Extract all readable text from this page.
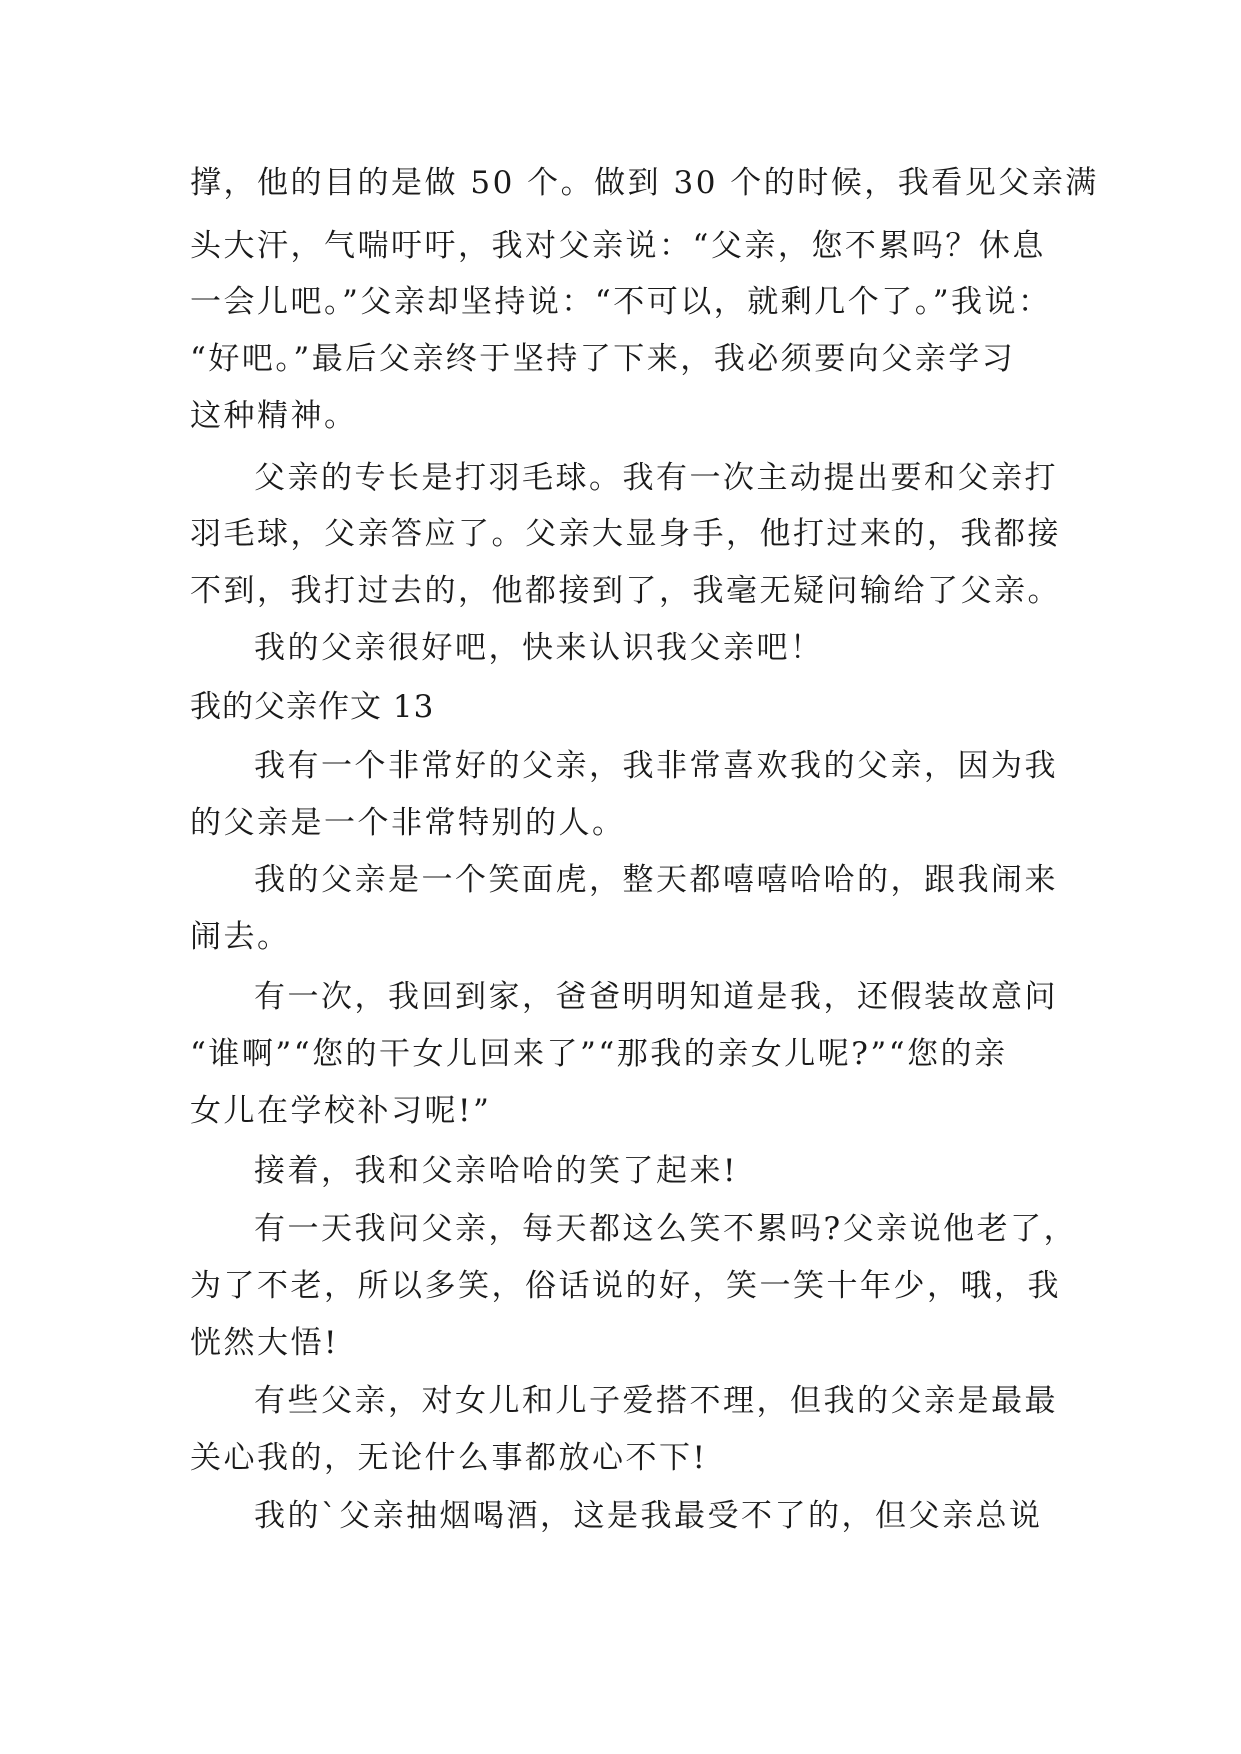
撑，他的目的是做 50 个。做到 30 个的时候，我看见父亲满
头大汗，气喘吁吁，我对父亲说：“父亲，您不累吗？休息
一会儿吧。”父亲却坚持说：“不可以，就剩几个了。”我说：
“好吧。”最后父亲终于坚持了下来，我必须要向父亲学习
这种精神。
父亲的专长是打羽毛球。我有一次主动提出要和父亲打
羽毛球，父亲答应了。父亲大显身手，他打过来的，我都接
不到，我打过去的，他都接到了，我毫无疑问输给了父亲。
我的父亲很好吧，快来认识我父亲吧！
我的父亲作文 13
我有一个非常好的父亲，我非常喜欢我的父亲，因为我
的父亲是一个非常特别的人。
我的父亲是一个笑面虎，整天都嘻嘻哈哈的，跟我闹来
闹去。
有一次，我回到家，爸爸明明知道是我，还假装故意问
“谁啊”“您的干女儿回来了”“那我的亲女儿呢?”“您的亲
女儿在学校补习呢!”
接着，我和父亲哈哈的笑了起来!
有一天我问父亲，每天都这么笑不累吗?父亲说他老了，
为了不老，所以多笑，俗话说的好，笑一笑十年少，哦，我
恍然大悟!
有些父亲，对女儿和儿子爱搭不理，但我的父亲是最最
关心我的，无论什么事都放心不下!
我的`父亲抽烟喝酒，这是我最受不了的，但父亲总说
